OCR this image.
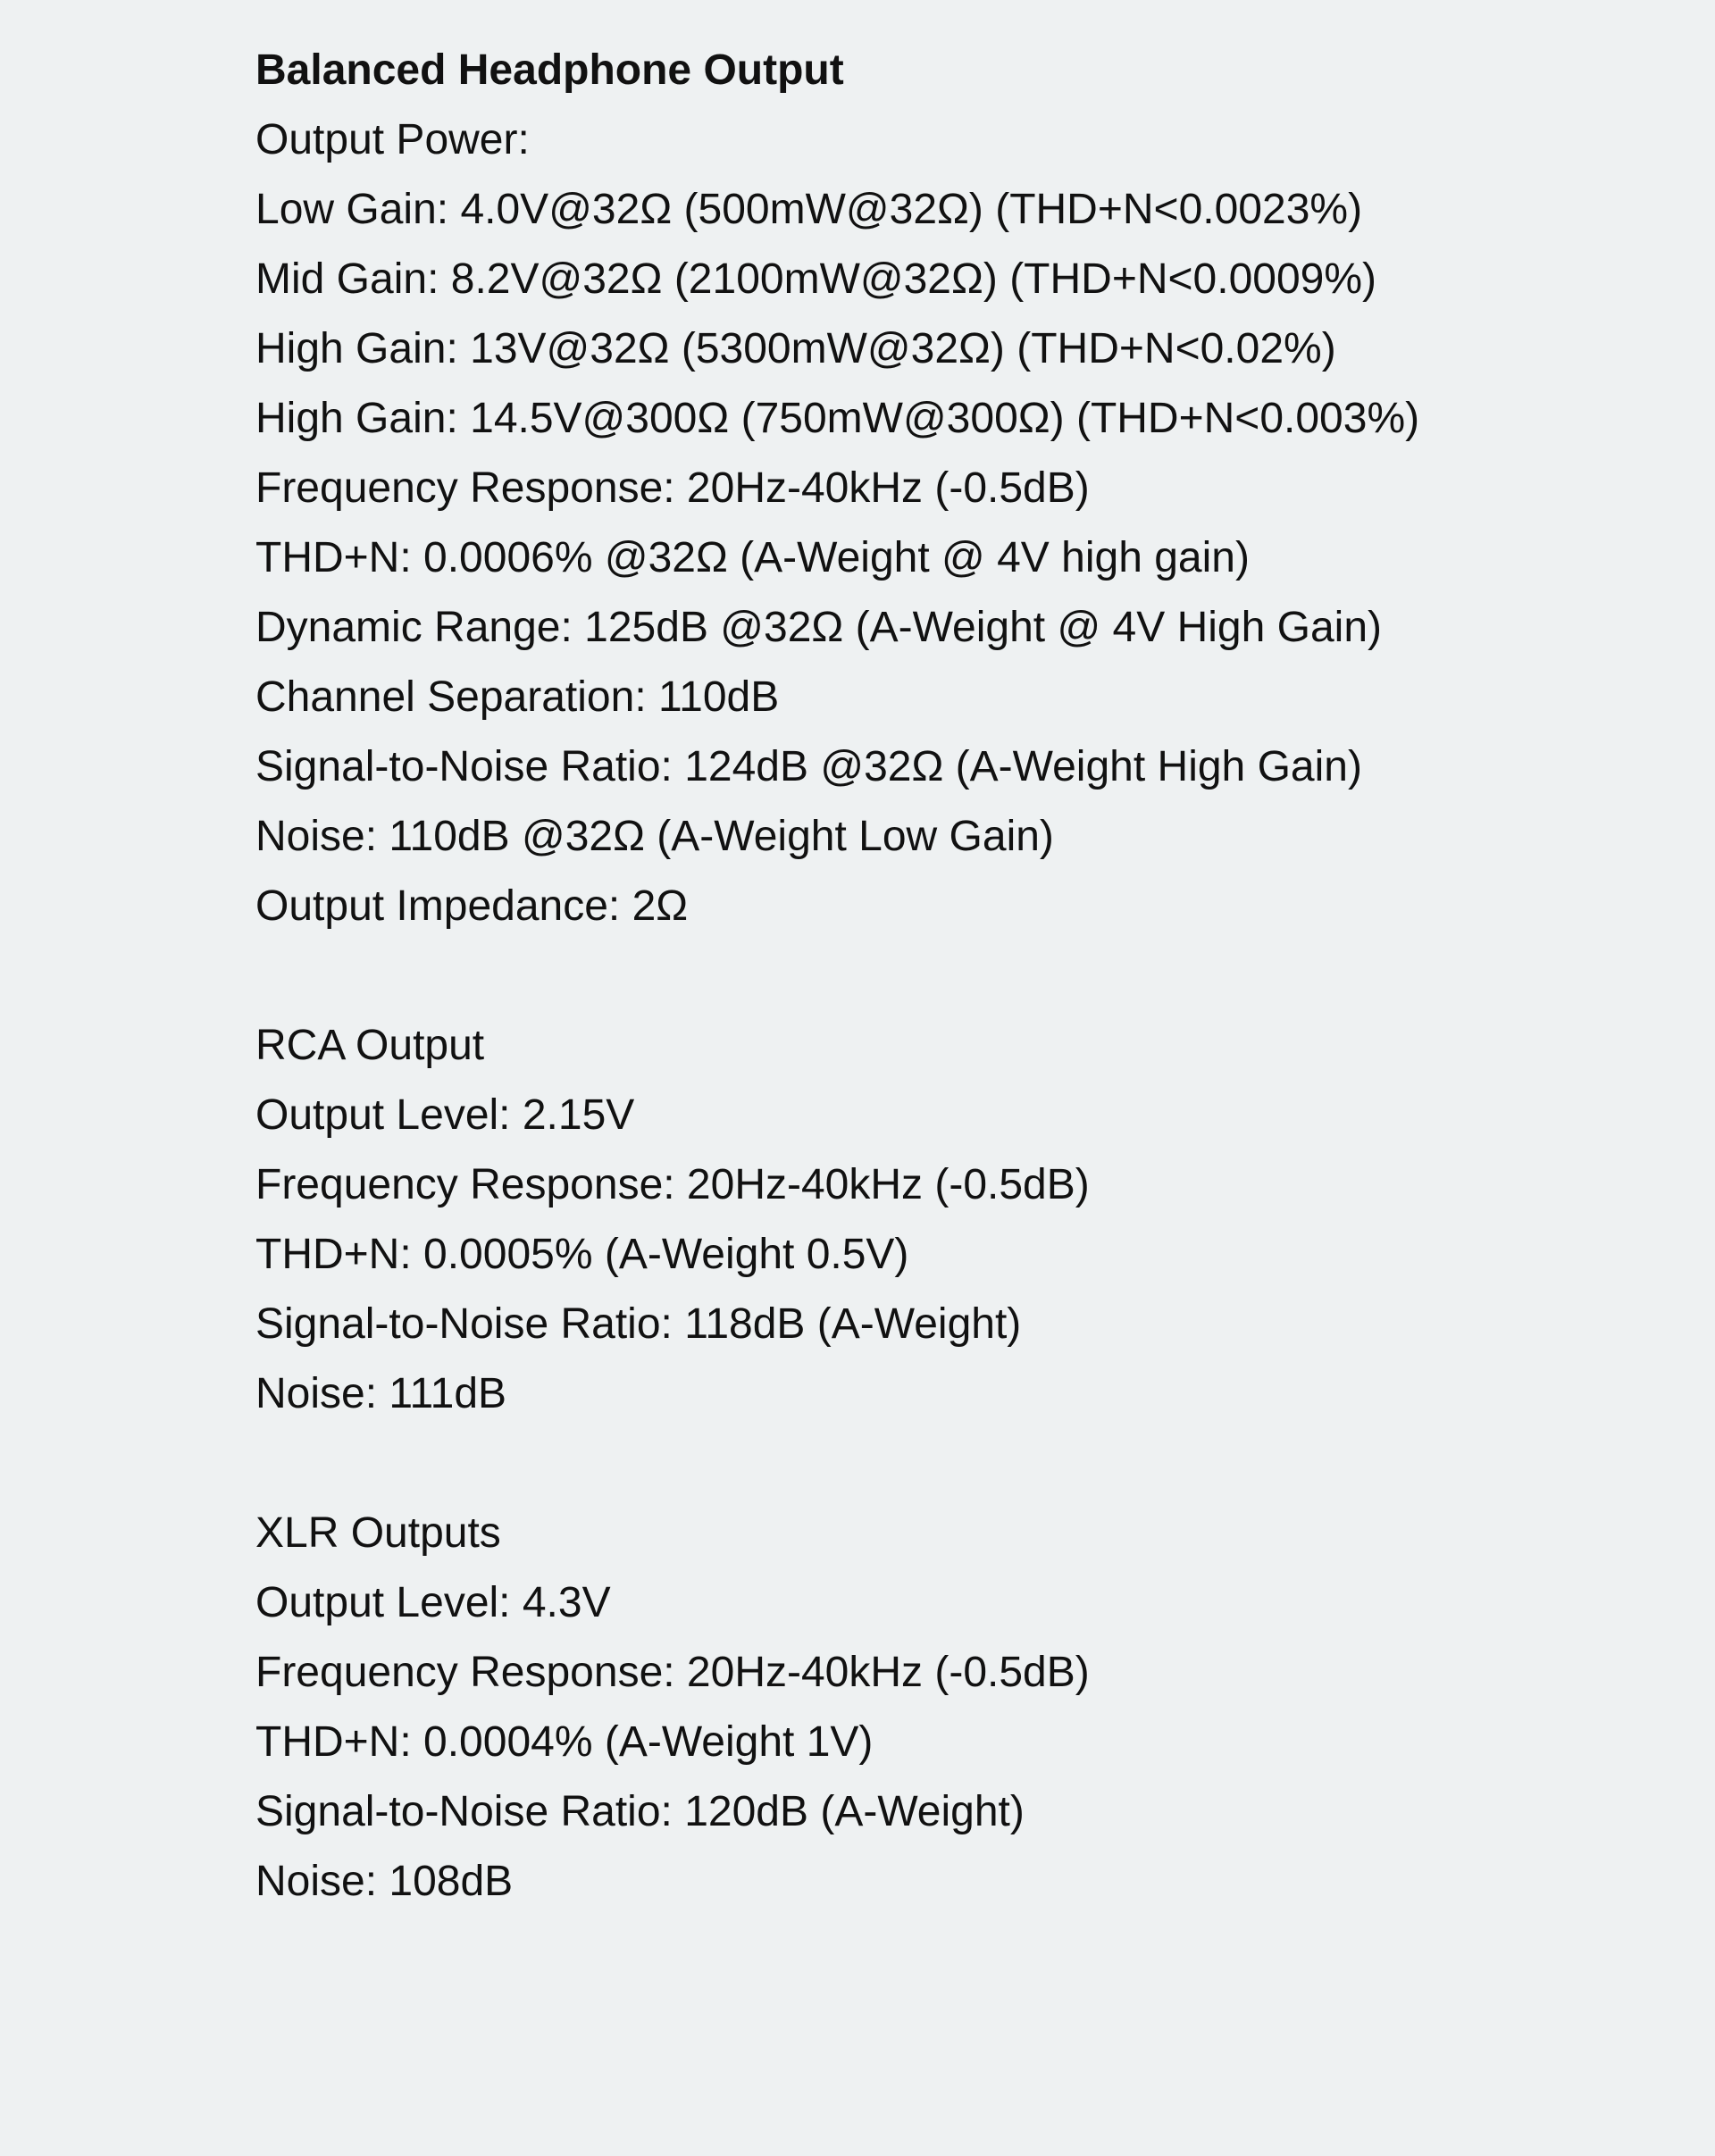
Balanced Headphone Output
Output Power:
Low Gain: 4.0V@32Ω (500mW@32Ω) (THD+N<0.0023%)
Mid Gain: 8.2V@32Ω (2100mW@32Ω) (THD+N<0.0009%)
High Gain: 13V@32Ω (5300mW@32Ω) (THD+N<0.02%)
High Gain: 14.5V@300Ω (750mW@300Ω) (THD+N<0.003%)
Frequency Response: 20Hz-40kHz (-0.5dB)
THD+N: 0.0006% @32Ω (A-Weight @ 4V high gain)
Dynamic Range: 125dB @32Ω (A-Weight @ 4V High Gain)
Channel Separation: 110dB
Signal-to-Noise Ratio: 124dB @32Ω (A-Weight High Gain)
Noise: 110dB @32Ω (A-Weight Low Gain)
Output Impedance: 2Ω
RCA Output
Output Level: 2.15V
Frequency Response: 20Hz-40kHz (-0.5dB)
THD+N: 0.0005% (A-Weight 0.5V)
Signal-to-Noise Ratio: 118dB (A-Weight)
Noise: 111dB
XLR Outputs
Output Level: 4.3V
Frequency Response: 20Hz-40kHz (-0.5dB)
THD+N: 0.0004% (A-Weight 1V)
Signal-to-Noise Ratio: 120dB (A-Weight)
Noise: 108dB
